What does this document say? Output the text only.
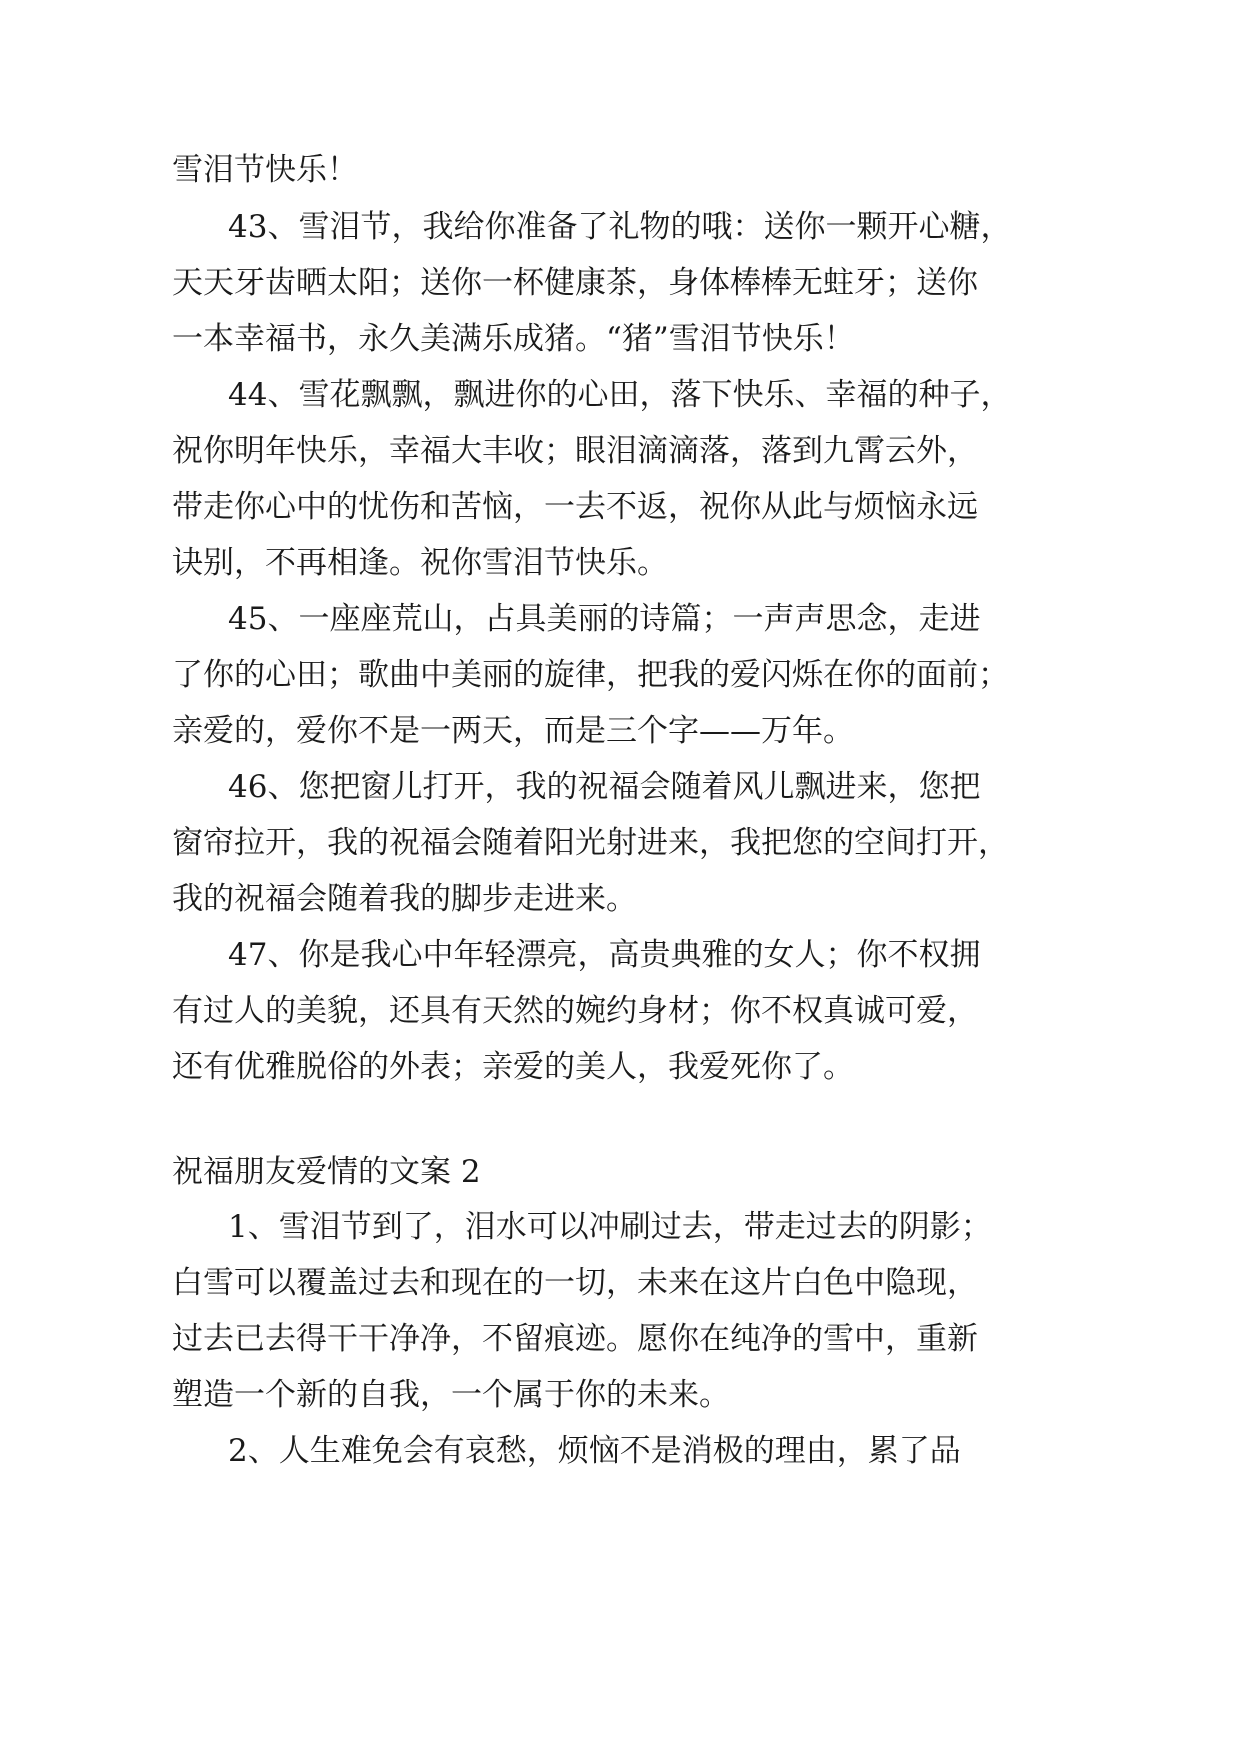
雪泪节快乐！
43、雪泪节，我给你准备了礼物的哦：送你一颗开心糖，
天天牙齿晒太阳；送你一杯健康茶，身体棒棒无蛀牙；送你
一本幸福书，永久美满乐成猪。“猪”雪泪节快乐！
44、雪花飘飘，飘进你的心田，落下快乐、幸福的种子，
祝你明年快乐，幸福大丰收；眼泪滴滴落，落到九霄云外，
带走你心中的忧伤和苦恼，一去不返，祝你从此与烦恼永远
诀别，不再相逢。祝你雪泪节快乐。
45、一座座荒山，占具美丽的诗篇；一声声思念，走进
了你的心田；歌曲中美丽的旋律，把我的爱闪烁在你的面前；
亲爱的，爱你不是一两天，而是三个字——万年。
46、您把窗儿打开，我的祝福会随着风儿飘进来，您把
窗帘拉开，我的祝福会随着阳光射进来，我把您的空间打开，
我的祝福会随着我的脚步走进来。
47、你是我心中年轻漂亮，高贵典雅的女人；你不权拥
有过人的美貌，还具有天然的婉约身材；你不权真诚可爱，
还有优雅脱俗的外表；亲爱的美人，我爱死你了。
祝福朋友爱情的文案 2
1、雪泪节到了，泪水可以冲刷过去，带走过去的阴影；
白雪可以覆盖过去和现在的一切，未来在这片白色中隐现，
过去已去得干干净净，不留痕迹。愿你在纯净的雪中，重新
塑造一个新的自我，一个属于你的未来。
2、人生难免会有哀愁，烦恼不是消极的理由，累了品
